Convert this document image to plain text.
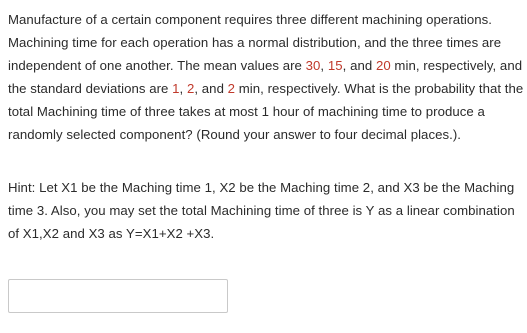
Manufacture of a certain component requires three different machining operations. Machining time for each operation has a normal distribution, and the three times are independent of one another. The mean values are 30, 15, and 20 min, respectively, and the standard deviations are 1, 2, and 2 min, respectively. What is the probability that the total Machining time of three takes at most 1 hour of machining time to produce a randomly selected component? (Round your answer to four decimal places.).

Hint: Let X1 be the Maching time 1, X2 be the Maching time 2, and X3 be the Maching time 3. Also, you may set the total Machining time of three is Y as a linear combination of X1,X2 and X3 as Y=X1+X2 +X3.
